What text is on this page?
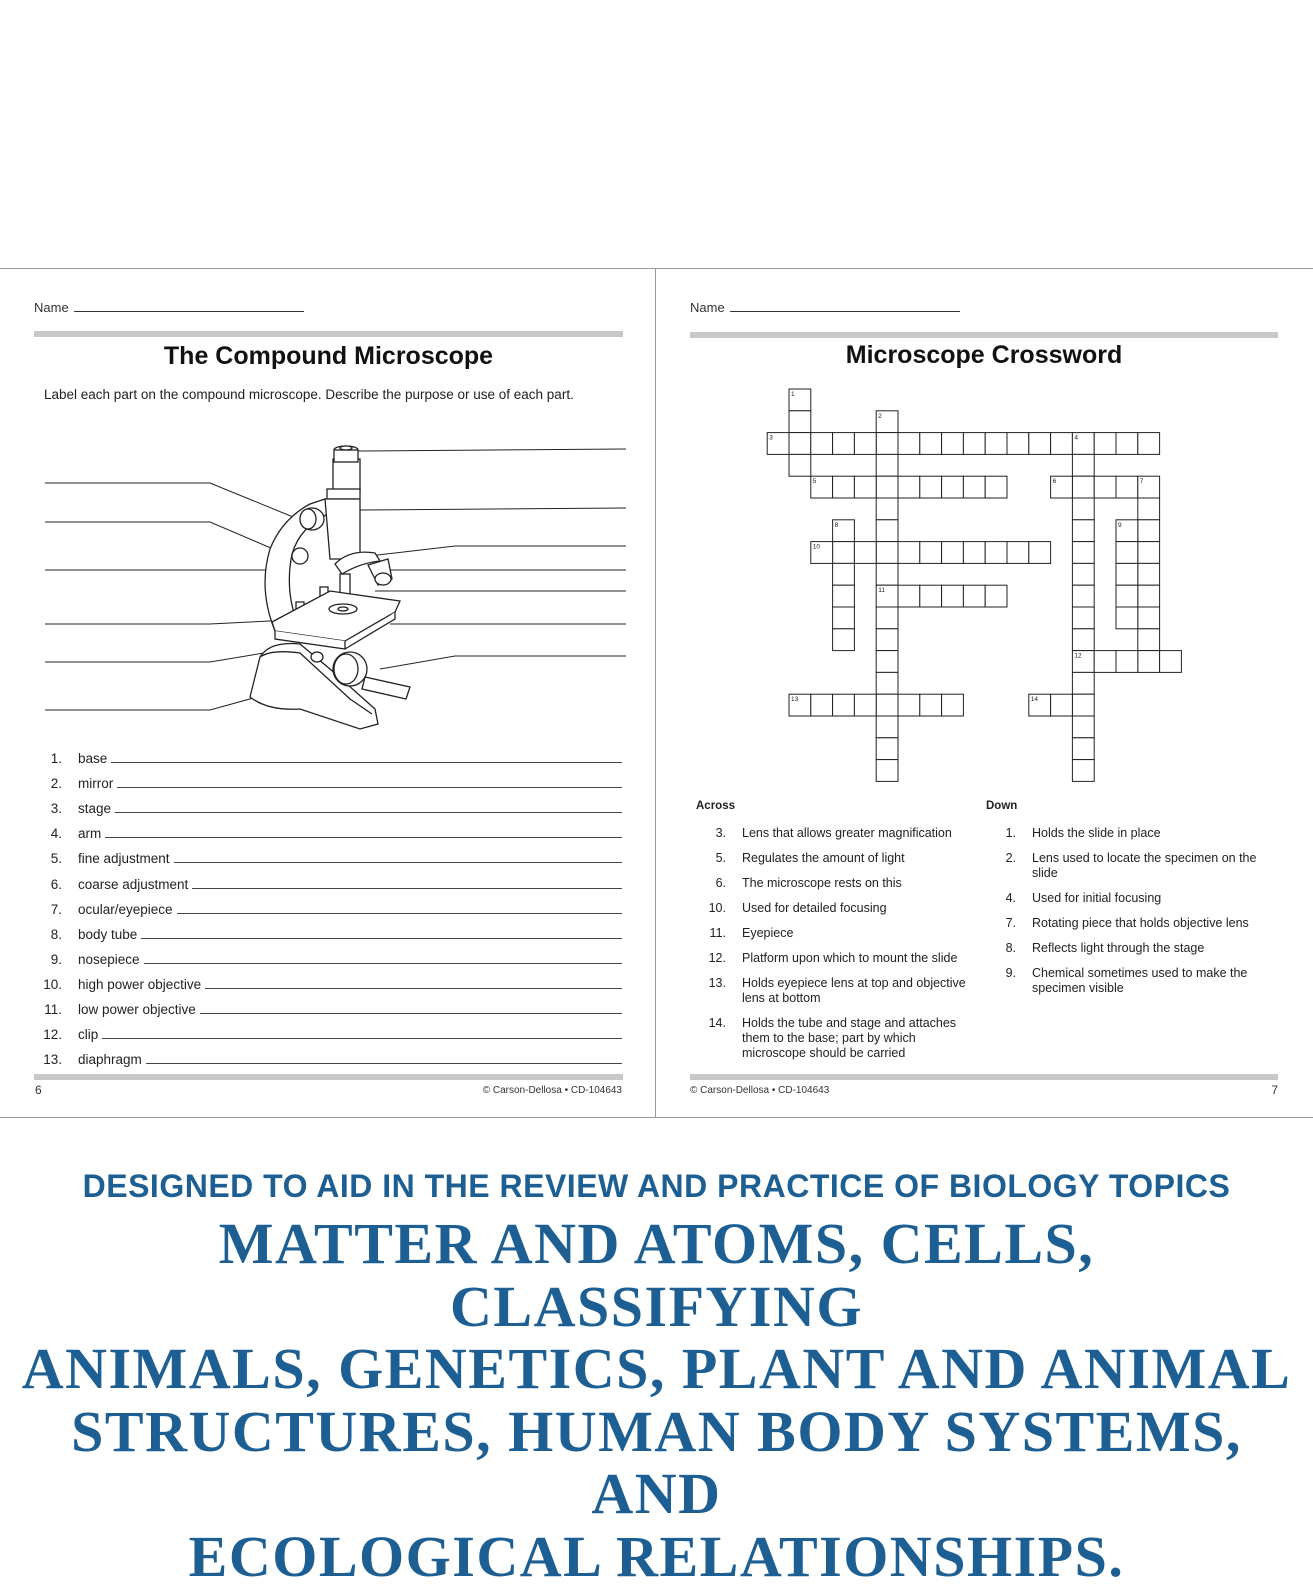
Name
The Compound Microscope
Label each part on the compound microscope. Describe the purpose or use of each part.
1. base
2. mirror
3. stage
4. arm
5. fine adjustment
6. coarse adjustment
7. ocular/eyepiece
8. body tube
9. nosepiece
10. high power objective
11. low power objective
12. clip
13. diaphragm
6	© Carson-Dellosa • CD-104643
Name
Microscope Crossword
1
2
3	4
5	6	7
8	9
10
11
12
13	14
Across
3. Lens that allows greater magnification
5. Regulates the amount of light
6. The microscope rests on this
10. Used for detailed focusing
11. Eyepiece
12. Platform upon which to mount the slide
13. Holds eyepiece lens at top and objective lens at bottom
14. Holds the tube and stage and attaches them to the base; part by which microscope should be carried
Down
1. Holds the slide in place
2. Lens used to locate the specimen on the slide
4. Used for initial focusing
7. Rotating piece that holds objective lens
8. Reflects light through the stage
9. Chemical sometimes used to make the specimen visible
© Carson-Dellosa • CD-104643	7
DESIGNED TO AID IN THE REVIEW AND PRACTICE OF BIOLOGY TOPICS
MATTER AND ATOMS, CELLS, CLASSIFYING
ANIMALS, GENETICS, PLANT AND ANIMAL
STRUCTURES, HUMAN BODY SYSTEMS, AND
ECOLOGICAL RELATIONSHIPS.
